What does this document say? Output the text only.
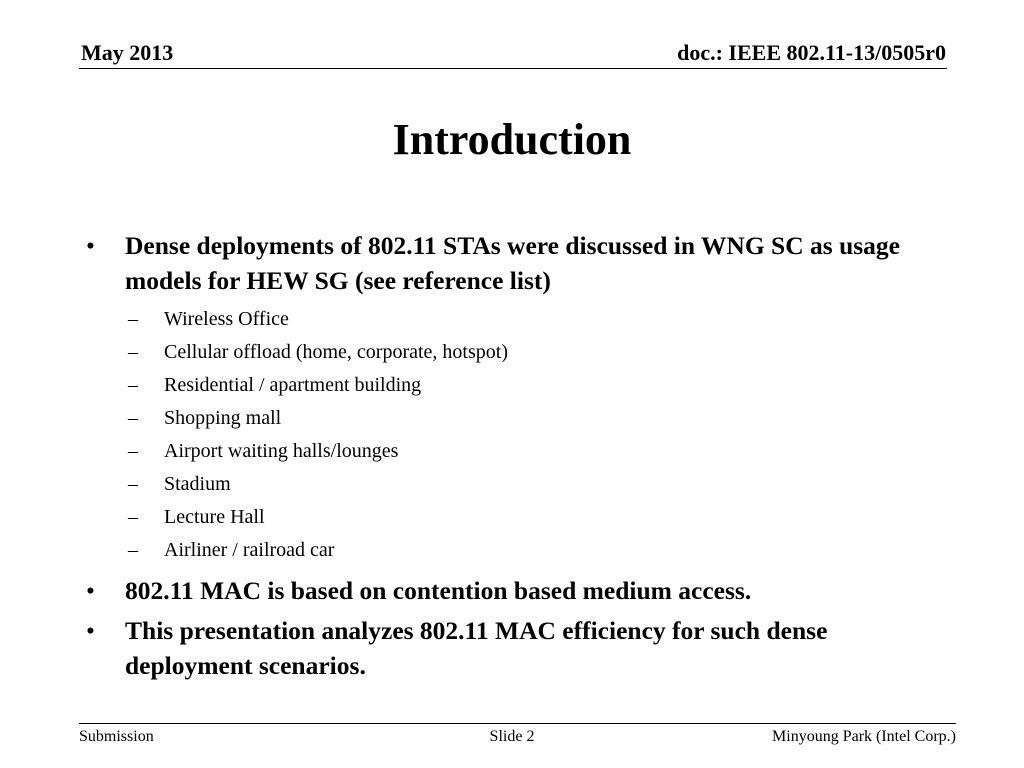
May 2013	doc.: IEEE 802.11-13/0505r0
Introduction
• Dense deployments of 802.11 STAs were discussed in WNG SC as usage models for HEW SG (see reference list)
– Wireless Office
– Cellular offload (home, corporate, hotspot)
– Residential / apartment building
– Shopping mall
– Airport waiting halls/lounges
– Stadium
– Lecture Hall
– Airliner / railroad car
• 802.11 MAC is based on contention based medium access.
• This presentation analyzes 802.11 MAC efficiency for such dense deployment scenarios.
Submission	Slide 2	Minyoung Park (Intel Corp.)
